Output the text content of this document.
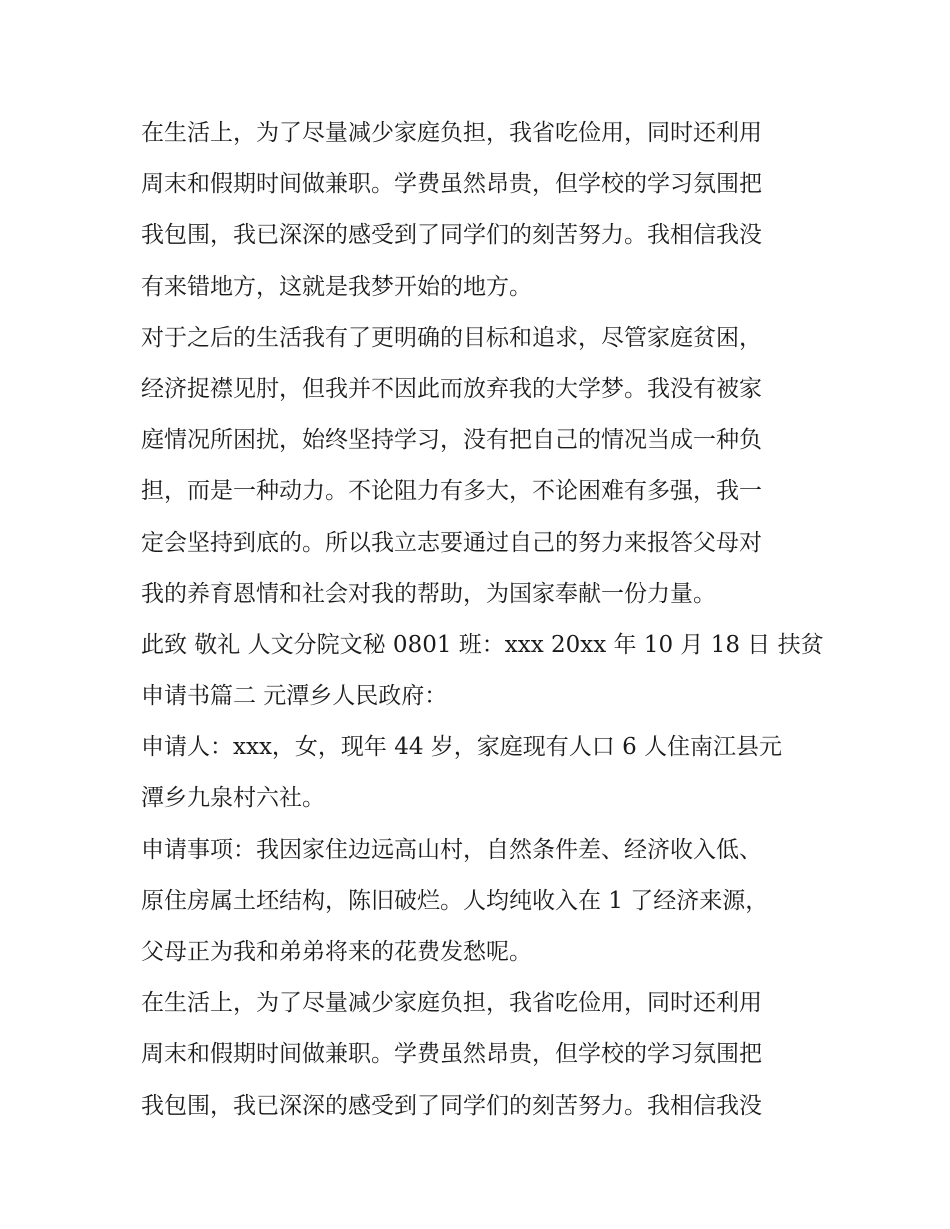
在生活上，为了尽量减少家庭负担，我省吃俭用，同时还利用

周末和假期时间做兼职。学费虽然昂贵，但学校的学习氛围把

我包围，我已深深的感受到了同学们的刻苦努力。我相信我没

有来错地方，这就是我梦开始的地方。

对于之后的生活我有了更明确的目标和追求，尽管家庭贫困，

经济捉襟见肘，但我并不因此而放弃我的大学梦。我没有被家

庭情况所困扰，始终坚持学习，没有把自己的情况当成一种负

担，而是一种动力。不论阻力有多大，不论困难有多强，我一

定会坚持到底的。所以我立志要通过自己的努力来报答父母对

我的养育恩情和社会对我的帮助，为国家奉献一份力量。

此致 敬礼 人文分院文秘 0801 班：xxx 20xx 年 10 月 18 日 扶贫

申请书篇二 元潭乡人民政府：

申请人：xxx，女，现年 44 岁，家庭现有人口 6 人住南江县元

潭乡九泉村六社。

申请事项：我因家住边远高山村，自然条件差、经济收入低、

原住房属土坯结构，陈旧破烂。人均纯收入在 1 了经济来源，

父母正为我和弟弟将来的花费发愁呢。

在生活上，为了尽量减少家庭负担，我省吃俭用，同时还利用

周末和假期时间做兼职。学费虽然昂贵，但学校的学习氛围把

我包围，我已深深的感受到了同学们的刻苦努力。我相信我没
